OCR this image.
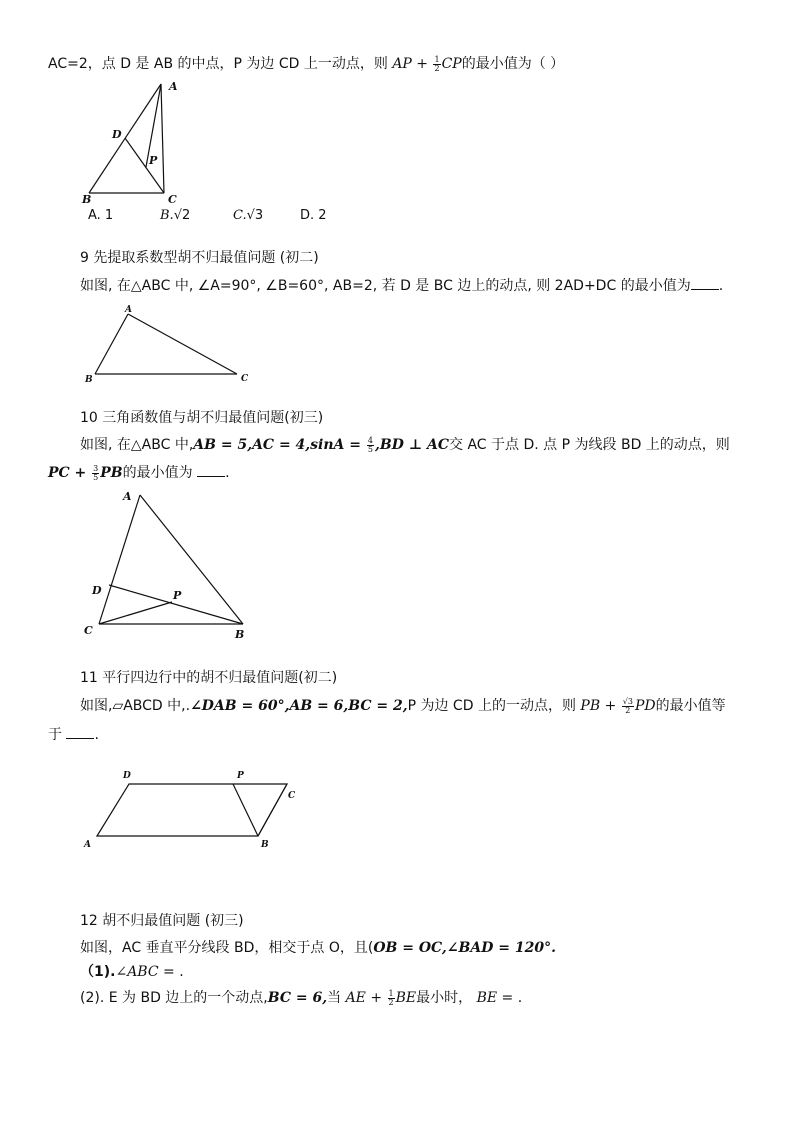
AC=2，点 D 是 AB 的中点，P 为边 CD 上一动点，则 AP + $\frac{1}{2}$ CP的最小值为（ ）
A
D
P
B	C
A. 1	B.√2	C.√3	D. 2
9 先提取系数型胡不归最值问题 (初二)
如图, 在△ABC 中, ∠A=90°, ∠B=60°, AB=2, 若 D 是 BC 边上的动点, 则 2AD+DC 的最小值为 .
A
B	C
10 三角函数值与胡不归最值问题(初三)
如图, 在△ABC 中$,AB = 5,AC = 4,\sin A = \frac{4}{5} ,BD$ ⊥ AC交 AC 于点 D. 点 P 为线段 BD 上的动点，则
PC + $\frac{3}{5}$ PB的最小值为 .
A
D	P
C	B
11 平行四边行中的胡不归最值问题(初二)
如图,▱ABCD 中,.∠DAB = 60°,AB = 6,BC = 2,P 为边 CD 上的一动点，则 PB + $\frac{√3}{2}$ PD的最小值等
于 .
D	P
C
A	B
12 胡不归最值问题 (初三)
如图，AC 垂直平分线段 BD，相交于点 O，且(OB = OC,∠BAD = 120°.
（1).∠ABC = .
(2). E 为 BD 边上的一个动点,BC = 6,当 AE + $\frac{1}{2}$ BE最小时， BE = .
